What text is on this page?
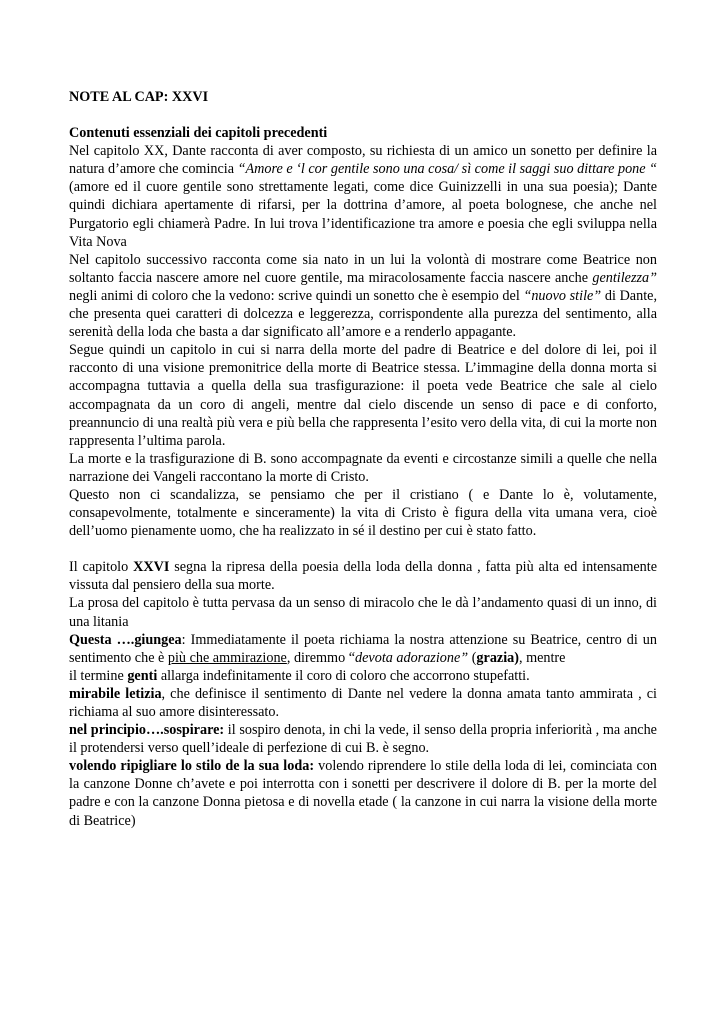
NOTE AL CAP: XXVI

Contenuti essenziali dei capitoli precedenti

Nel capitolo XX, Dante racconta di aver composto, su richiesta di un amico un sonetto per definire la natura d’amore che comincia “Amore e ‘l cor gentile sono una cosa/ sì come il saggi suo dittare pone “ (amore ed il cuore gentile sono strettamente legati, come dice Guinizzelli in una sua poesia); Dante quindi dichiara apertamente di rifarsi, per la dottrina d’amore, al poeta bolognese, che anche nel Purgatorio egli chiamerà Padre. In lui trova l’identificazione tra amore e poesia che egli sviluppa nella Vita Nova

Nel capitolo successivo racconta come sia nato in un lui la volontà di mostrare come Beatrice non soltanto faccia nascere amore nel cuore gentile, ma miracolosamente faccia nascere anche gentilezza” negli animi di coloro che la vedono: scrive quindi un sonetto che è esempio del “nuovo stile” di Dante, che presenta quei caratteri di dolcezza e leggerezza, corrispondente alla purezza del sentimento, alla serenità della loda che basta a dar significato all’amore e a renderlo appagante.

Segue quindi un capitolo in cui si narra della morte del padre di Beatrice e del dolore di lei, poi il racconto di una visione premonitrice della morte di Beatrice stessa. L’immagine della donna morta si accompagna tuttavia a quella della sua trasfigurazione: il poeta vede Beatrice che sale al cielo accompagnata da un coro di angeli, mentre dal cielo discende un senso di pace e di conforto, preannuncio di una realtà più vera e più bella che rappresenta l’esito vero della vita, di cui la morte non rappresenta l’ultima parola.

La morte e la trasfigurazione di B. sono accompagnate da eventi e circostanze simili a quelle che nella narrazione dei Vangeli raccontano la morte di Cristo.

Questo non ci scandalizza, se pensiamo che per il cristiano ( e Dante lo è, volutamente, consapevolmente, totalmente e sinceramente) la vita di Cristo è figura della vita umana vera, cioè dell’uomo pienamente uomo, che ha realizzato in sé il destino per cui è stato fatto.

Il capitolo XXVI segna la ripresa della poesia della loda della donna , fatta più alta ed intensamente vissuta dal pensiero della sua morte.

La prosa del capitolo è tutta pervasa da un senso di miracolo che le dà l’andamento quasi di un inno, di una litania

Questa ….giungea: Immediatamente il poeta richiama la nostra attenzione su Beatrice, centro di un sentimento che è più che ammirazione, diremmo “devota adorazione” (grazia), mentre

il termine genti allarga indefinitamente il coro di coloro che accorrono stupefatti.

mirabile letizia, che definisce il sentimento di Dante nel vedere la donna amata tanto ammirata , ci richiama al suo amore disinteressato.

nel principio….sospirare: il sospiro denota, in chi la vede, il senso della propria inferiorità , ma anche il protendersi verso quell’ideale di perfezione di cui B. è segno.

volendo ripigliare lo stilo de la sua loda: volendo riprendere lo stile della loda di lei, cominciata con la canzone Donne ch’avete e poi interrotta con i sonetti per descrivere il dolore di B. per la morte del padre e con la canzone Donna pietosa e di novella etade ( la canzone in cui narra la visione della morte di Beatrice)
